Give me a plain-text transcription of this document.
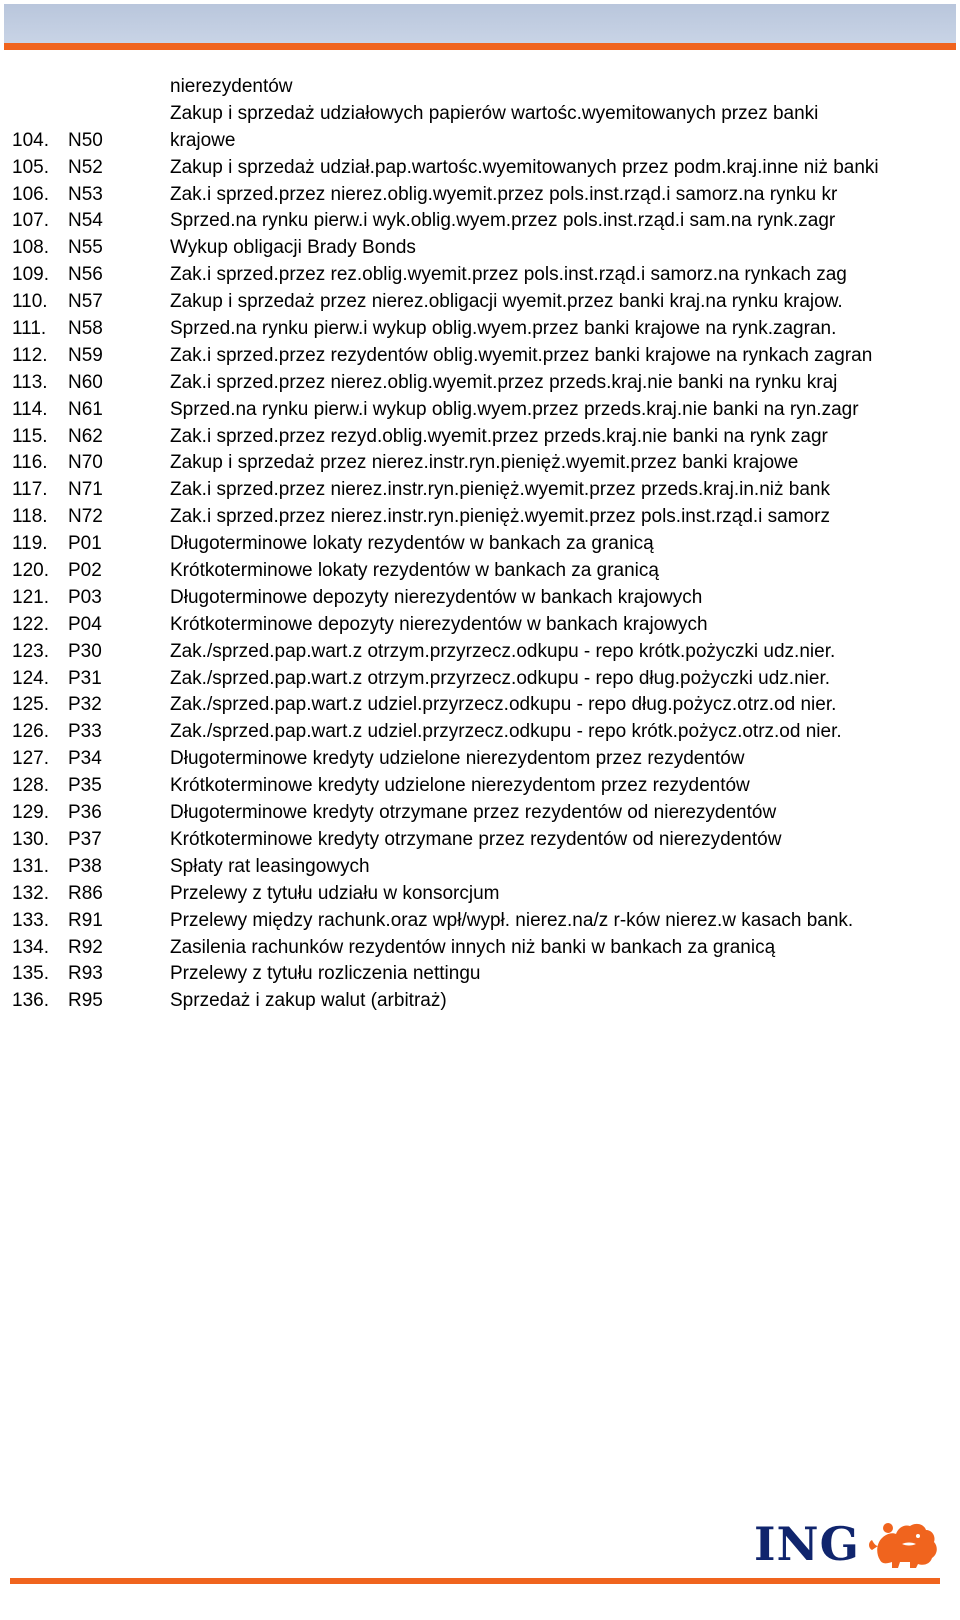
nierezydentów
Zakup i sprzedaż udziałowych papierów wartośc.wyemitowanych przez banki
104.	N50	krajowe
105.	N52	Zakup i sprzedaż udział.pap.wartośc.wyemitowanych przez podm.kraj.inne niż banki
106.	N53	Zak.i sprzed.przez nierez.oblig.wyemit.przez pols.inst.rząd.i samorz.na rynku kr
107.	N54	Sprzed.na rynku pierw.i wyk.oblig.wyem.przez pols.inst.rząd.i sam.na rynk.zagr
108.	N55	Wykup obligacji Brady Bonds
109.	N56	Zak.i sprzed.przez rez.oblig.wyemit.przez pols.inst.rząd.i samorz.na rynkach zag
110.	N57	Zakup i sprzedaż przez nierez.obligacji wyemit.przez banki kraj.na rynku krajow.
111.	N58	Sprzed.na rynku pierw.i wykup oblig.wyem.przez banki krajowe na rynk.zagran.
112.	N59	Zak.i sprzed.przez rezydentów oblig.wyemit.przez banki krajowe na rynkach zagran
113.	N60	Zak.i sprzed.przez nierez.oblig.wyemit.przez przeds.kraj.nie banki na rynku kraj
114.	N61	Sprzed.na rynku pierw.i wykup oblig.wyem.przez przeds.kraj.nie banki na ryn.zagr
115.	N62	Zak.i sprzed.przez rezyd.oblig.wyemit.przez przeds.kraj.nie banki na rynk zagr
116.	N70	Zakup i sprzedaż przez nierez.instr.ryn.pienięż.wyemit.przez banki krajowe
117.	N71	Zak.i sprzed.przez nierez.instr.ryn.pienięż.wyemit.przez przeds.kraj.in.niż bank
118.	N72	Zak.i sprzed.przez nierez.instr.ryn.pienięż.wyemit.przez pols.inst.rząd.i samorz
119.	P01	Długoterminowe lokaty rezydentów w bankach za granicą
120.	P02	Krótkoterminowe lokaty rezydentów w bankach za granicą
121.	P03	Długoterminowe depozyty nierezydentów w bankach krajowych
122.	P04	Krótkoterminowe depozyty nierezydentów w bankach krajowych
123.	P30	Zak./sprzed.pap.wart.z otrzym.przyrzecz.odkupu - repo krótk.pożyczki udz.nier.
124.	P31	Zak./sprzed.pap.wart.z otrzym.przyrzecz.odkupu - repo dług.pożyczki udz.nier.
125.	P32	Zak./sprzed.pap.wart.z udziel.przyrzecz.odkupu - repo dług.pożycz.otrz.od nier.
126.	P33	Zak./sprzed.pap.wart.z udziel.przyrzecz.odkupu - repo krótk.pożycz.otrz.od nier.
127.	P34	Długoterminowe kredyty udzielone nierezydentom przez rezydentów
128.	P35	Krótkoterminowe kredyty udzielone nierezydentom przez rezydentów
129.	P36	Długoterminowe kredyty otrzymane przez rezydentów od nierezydentów
130.	P37	Krótkoterminowe kredyty otrzymane przez rezydentów od nierezydentów
131.	P38	Spłaty rat leasingowych
132.	R86	Przelewy z tytułu udziału w konsorcjum
133.	R91	Przelewy między rachunk.oraz wpł/wypł. nierez.na/z r-ków nierez.w kasach bank.
134.	R92	Zasilenia rachunków rezydentów innych niż banki w bankach za granicą
135.	R93	Przelewy z tytułu rozliczenia nettingu
136.	R95	Sprzedaż i zakup walut (arbitraż)
ING
